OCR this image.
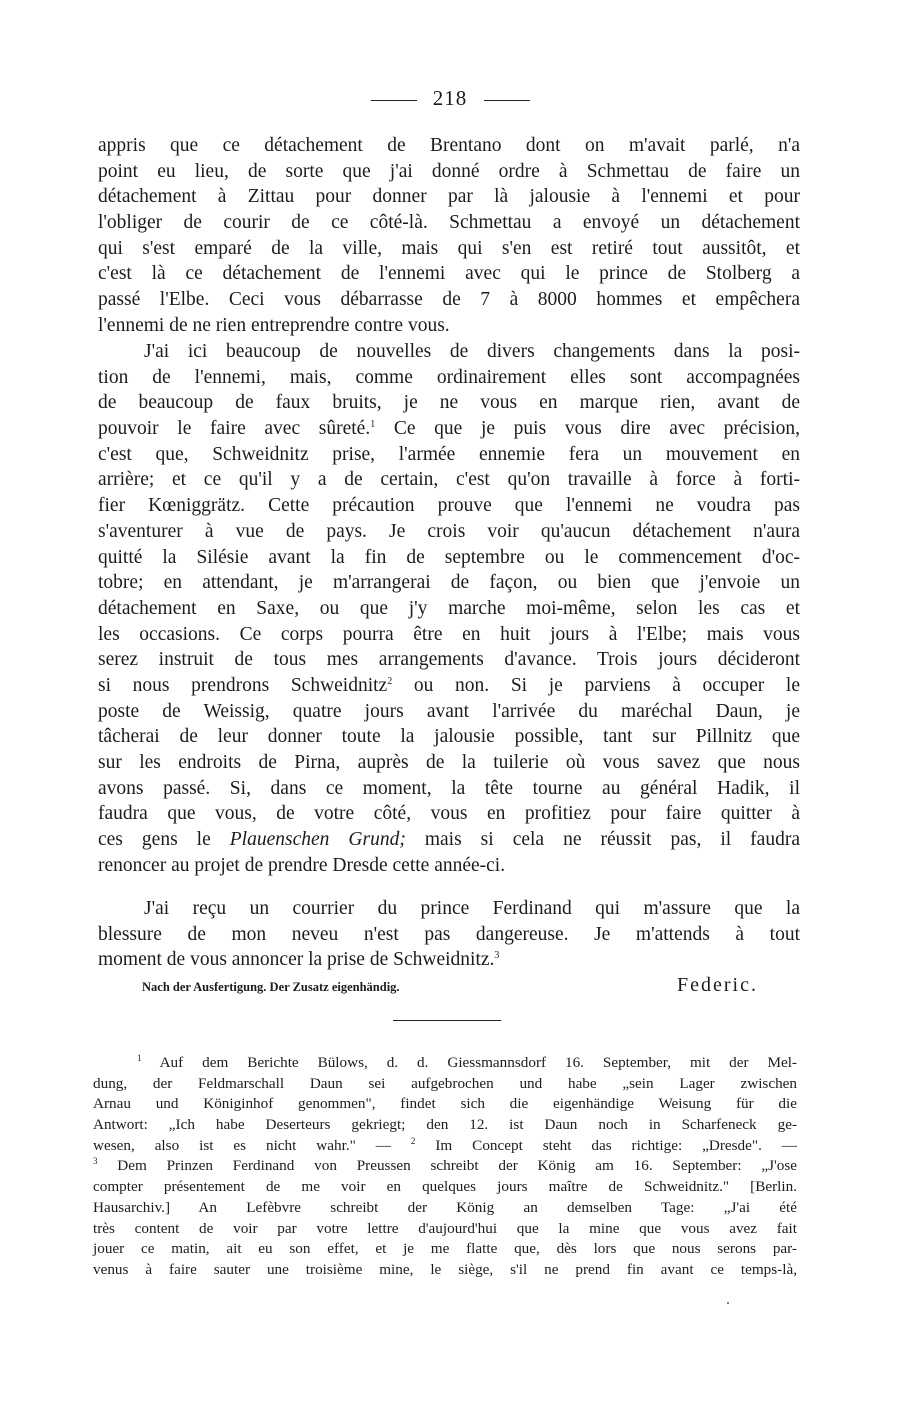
218
appris que ce détachement de Brentano dont on m'avait parlé, n'a
point eu lieu, de sorte que j'ai donné ordre à Schmettau de faire un
détachement à Zittau pour donner par là jalousie à l'ennemi et pour
l'obliger de courir de ce côté-là. Schmettau a envoyé un détachement
qui s'est emparé de la ville, mais qui s'en est retiré tout aussitôt, et
c'est là ce détachement de l'ennemi avec qui le prince de Stolberg a
passé l'Elbe. Ceci vous débarrasse de 7 à 8000 hommes et empêchera
l'ennemi de ne rien entreprendre contre vous.
J'ai ici beaucoup de nouvelles de divers changements dans la posi-
tion de l'ennemi, mais, comme ordinairement elles sont accompagnées
de beaucoup de faux bruits, je ne vous en marque rien, avant de
pouvoir le faire avec sûreté.$^1$ Ce que je puis vous dire avec précision,
c'est que, Schweidnitz prise, l'armée ennemie fera un mouvement en
arrière; et ce qu'il y a de certain, c'est qu'on travaille à force à forti-
fier Kœniggrätz. Cette précaution prouve que l'ennemi ne voudra pas
s'aventurer à vue de pays. Je crois voir qu'aucun détachement n'aura
quitté la Silésie avant la fin de septembre ou le commencement d'oc-
tobre; en attendant, je m'arrangerai de façon, ou bien que j'envoie un
détachement en Saxe, ou que j'y marche moi-même, selon les cas et
les occasions. Ce corps pourra être en huit jours à l'Elbe; mais vous
serez instruit de tous mes arrangements d'avance. Trois jours décideront
si nous prendrons Schweidnitz$^2$ ou non. Si je parviens à occuper le
poste de Weissig, quatre jours avant l'arrivée du maréchal Daun, je
tâcherai de leur donner toute la jalousie possible, tant sur Pillnitz que
sur les endroits de Pirna, auprès de la tuilerie où vous savez que nous
avons passé. Si, dans ce moment, la tête tourne au général Hadik, il
faudra que vous, de votre côté, vous en profitiez pour faire quitter à
ces gens le Plauenschen Grund; mais si cela ne réussit pas, il faudra
renoncer au projet de prendre Dresde cette année-ci.
J'ai reçu un courrier du prince Ferdinand qui m'assure que la
blessure de mon neveu n'est pas dangereuse. Je m'attends à tout
moment de vous annoncer la prise de Schweidnitz.$^3$
Nach der Ausfertigung. Der Zusatz eigenhändig.	Federic.
$^1$ Auf dem Berichte Bülows, d. d. Giessmannsdorf 16. September, mit der Mel-
dung, der Feldmarschall Daun sei aufgebrochen und habe „sein Lager zwischen
Arnau und Königinhof genommen", findet sich die eigenhändige Weisung für die
Antwort: „Ich habe Deserteurs gekriegt; den 12. ist Daun noch in Scharfeneck ge-
wesen, also ist es nicht wahr." — $^2$ Im Concept steht das richtige: „Dresde". —
$^3$ Dem Prinzen Ferdinand von Preussen schreibt der König am 16. September: „J'ose
compter présentement de me voir en quelques jours maître de Schweidnitz." [Berlin.
Hausarchiv.] An Lefèbvre schreibt der König an demselben Tage: „J'ai été
très content de voir par votre lettre d'aujourd'hui que la mine que vous avez fait
jouer ce matin, ait eu son effet, et je me flatte que, dès lors que nous serons par-
venus à faire sauter une troisième mine, le siège, s'il ne prend fin avant ce temps-là,
